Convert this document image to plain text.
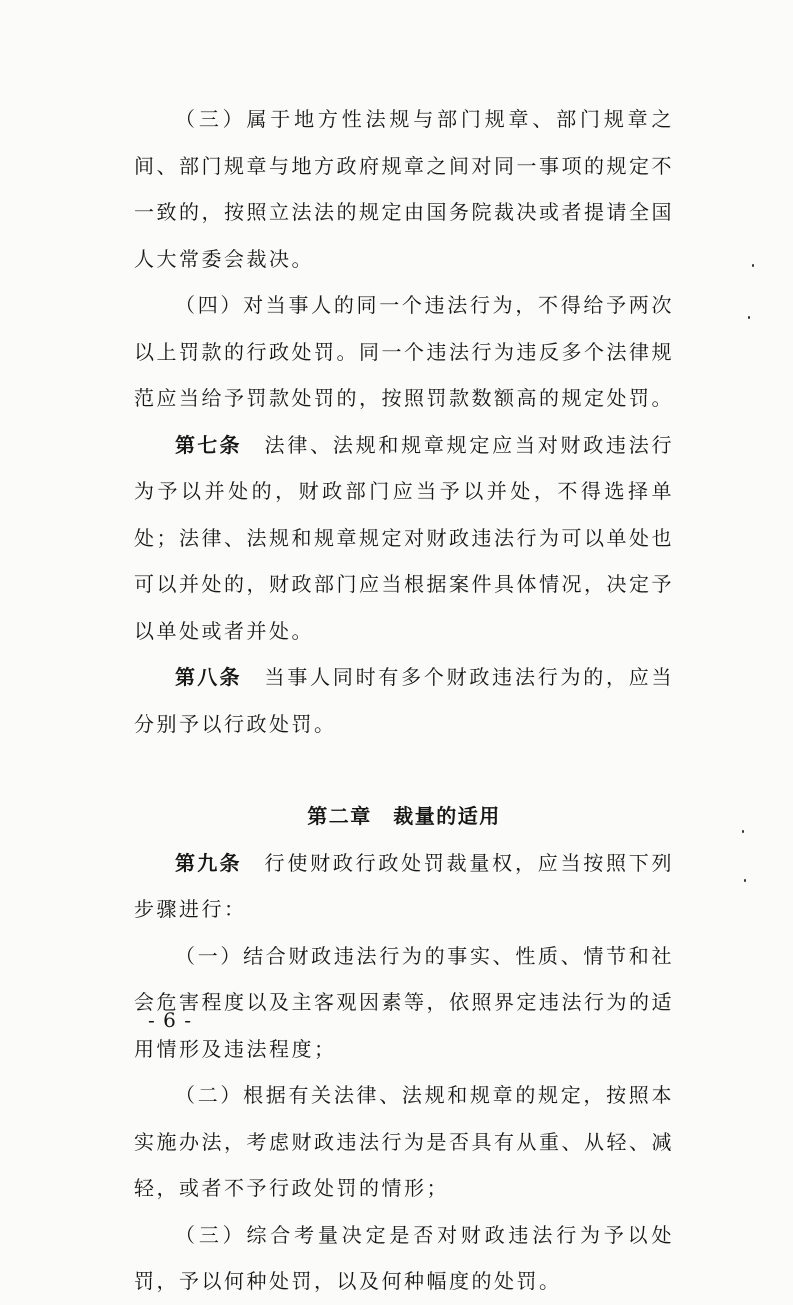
（三）属于地方性法规与部门规章、部门规章之间、部门规章与地方政府规章之间对同一事项的规定不一致的，按照立法法的规定由国务院裁决或者提请全国人大常委会裁决。

（四）对当事人的同一个违法行为，不得给予两次以上罚款的行政处罚。同一个违法行为违反多个法律规范应当给予罚款处罚的，按照罚款数额高的规定处罚。

第七条　法律、法规和规章规定应当对财政违法行为予以并处的，财政部门应当予以并处，不得选择单处；法律、法规和规章规定对财政违法行为可以单处也可以并处的，财政部门应当根据案件具体情况，决定予以单处或者并处。

第八条　当事人同时有多个财政违法行为的，应当分别予以行政处罚。

第二章　裁量的适用

第九条　行使财政行政处罚裁量权，应当按照下列步骤进行：

（一）结合财政违法行为的事实、性质、情节和社会危害程度以及主客观因素等，依照界定违法行为的适用情形及违法程度；

（二）根据有关法律、法规和规章的规定，按照本实施办法，考虑财政违法行为是否具有从重、从轻、减轻，或者不予行政处罚的情形；

（三）综合考量决定是否对财政违法行为予以处罚，予以何种处罚，以及何种幅度的处罚。

- 6 -
